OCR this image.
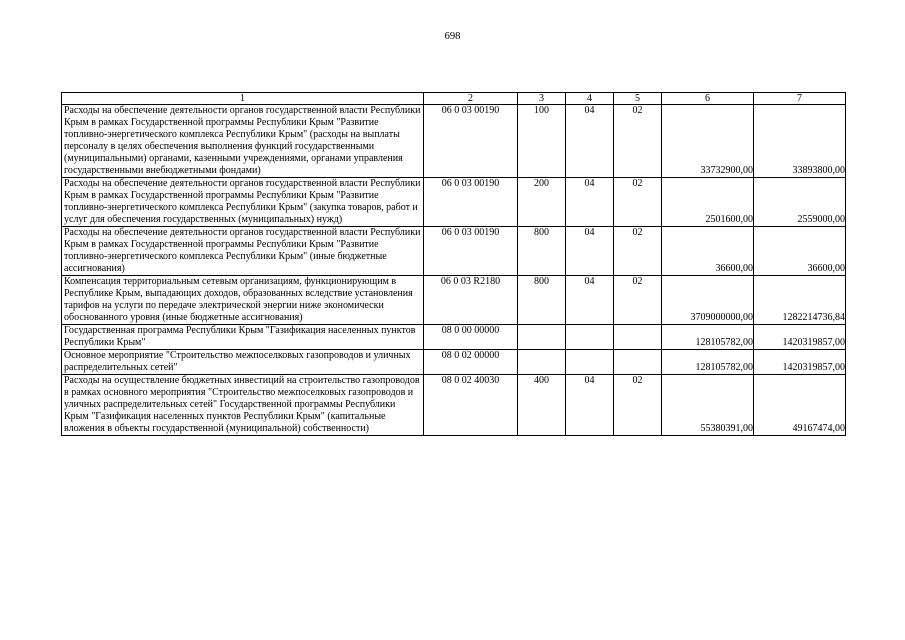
698
1	2	3	4	5	6	7
Расходы на обеспечение деятельности органов государственной власти Республики Крым в рамках Государственной программы Республики Крым "Развитие топливно-энергетического комплекса Республики Крым" (расходы на выплаты персоналу в целях обеспечения выполнения функций государственными (муниципальными) органами, казенными учреждениями, органами управления государственными внебюджетными фондами)	06 0 03 00190	100	04	02	33732900,00	33893800,00
Расходы на обеспечение деятельности органов государственной власти Республики Крым в рамках Государственной программы Республики Крым "Развитие топливно-энергетического комплекса Республики Крым" (закупка товаров, работ и услуг для обеспечения государственных (муниципальных) нужд)	06 0 03 00190	200	04	02	2501600,00	2559000,00
Расходы на обеспечение деятельности органов государственной власти Республики Крым в рамках Государственной программы Республики Крым "Развитие топливно-энергетического комплекса Республики Крым" (иные бюджетные ассигнования)	06 0 03 00190	800	04	02	36600,00	36600,00
Компенсация территориальным сетевым организациям, функционирующим в Республике Крым, выпадающих доходов, образованных вследствие установления тарифов на услуги по передаче электрической энергии ниже экономически обоснованного уровня (иные бюджетные ассигнования)	06 0 03 R2180	800	04	02	3709000000,00	1282214736,84
Государственная программа Республики Крым "Газификация населенных пунктов Республики Крым"	08 0 00 00000				128105782,00	1420319857,00
Основное мероприятие "Строительство межпоселковых газопроводов и уличных распределительных сетей"	08 0 02 00000				128105782,00	1420319857,00
Расходы на осуществление бюджетных инвестиций на строительство газопроводов в рамках основного мероприятия "Строительство межпоселковых газопроводов и уличных распределительных сетей" Государственной программы Республики Крым "Газификация населенных пунктов Республики Крым" (капитальные вложения в объекты государственной (муниципальной) собственности)	08 0 02 40030	400	04	02	55380391,00	49167474,00
